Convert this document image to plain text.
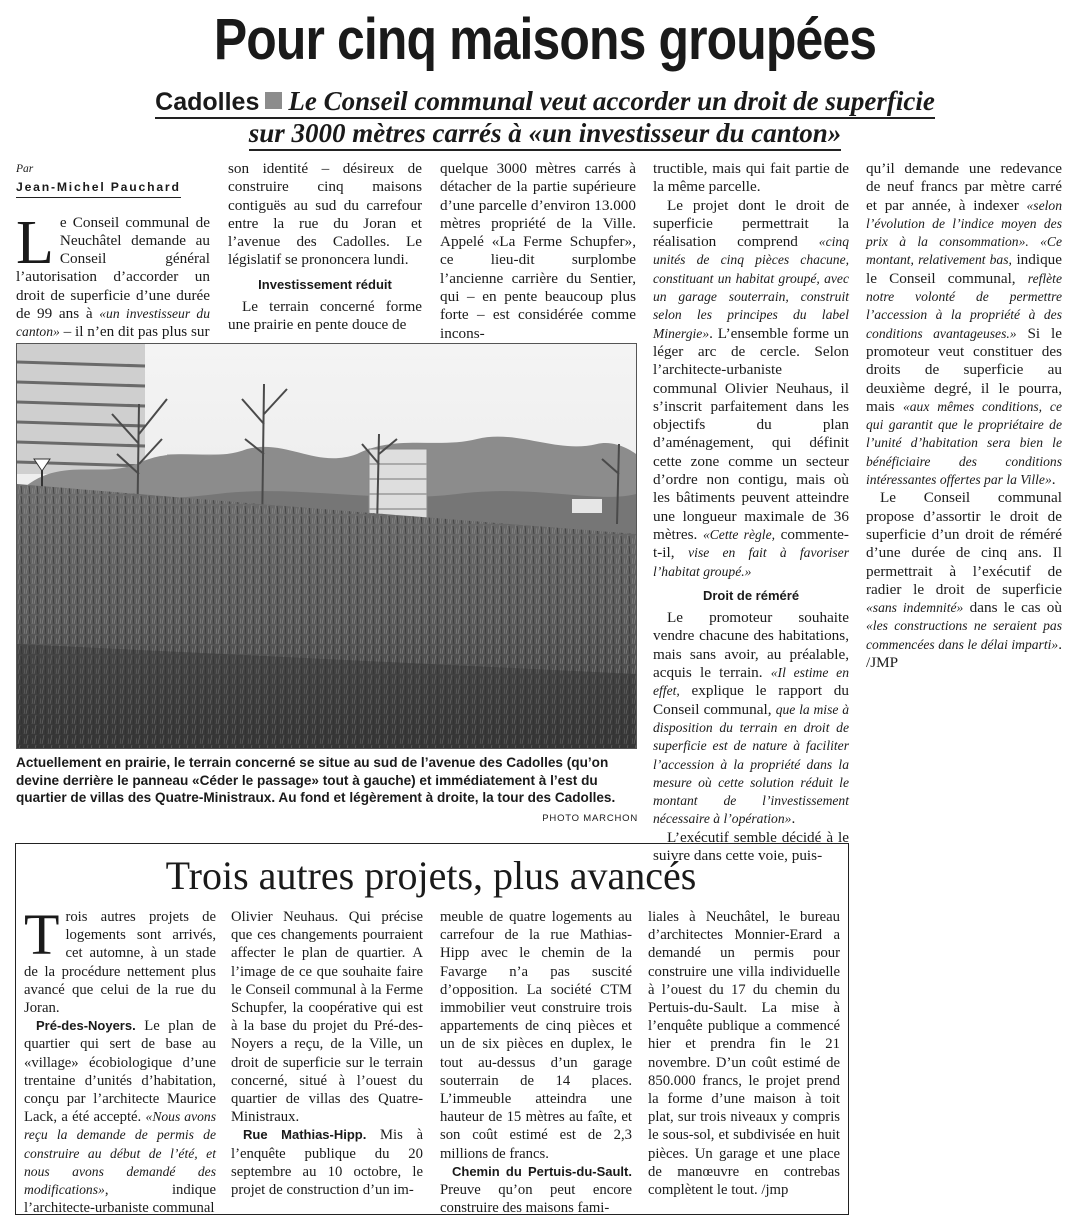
Pour cinq maisons groupées
Cadolles Le Conseil communal veut accorder un droit de superficie
sur 3000 mètres carrés à «un investisseur du canton»
Par
Jean-Michel Pauchard

Le Conseil communal de Neuchâtel demande au Conseil général l’autorisation d’accorder un droit de superficie d’une durée de 99 ans à «un investisseur du canton» – il n’en dit pas plus sur

son identité – désireux de construire cinq maisons contiguës au sud du carrefour entre la rue du Joran et l’avenue des Cadolles. Le législatif se prononcera lundi.

Investissement réduit

Le terrain concerné forme une prairie en pente douce de

quelque 3000 mètres carrés à détacher de la partie supérieure d’une parcelle d’environ 13.000 mètres propriété de la Ville. Appelé «La Ferme Schupfer», ce lieu-dit surplombe l’ancienne carrière du Sentier, qui – en pente beaucoup plus forte – est considérée comme incons-

tructible, mais qui fait partie de la même parcelle.

Le projet dont le droit de superficie permettrait la réalisation comprend «cinq unités de cinq pièces chacune, constituant un habitat groupé, avec un garage souterrain, construit selon les principes du label Minergie». L’ensemble forme un léger arc de cercle. Selon l’architecte-urbaniste communal Olivier Neuhaus, il s’inscrit parfaitement dans les objectifs du plan d’aménagement, qui définit cette zone comme un secteur d’ordre non contigu, mais où les bâtiments peuvent atteindre une longueur maximale de 36 mètres. «Cette règle, commente-t-il, vise en fait à favoriser l’habitat groupé.»

Droit de réméré

Le promoteur souhaite vendre chacune des habitations, mais sans avoir, au préalable, acquis le terrain. «Il estime en effet, explique le rapport du Conseil communal, que la mise à disposition du terrain en droit de superficie est de nature à faciliter l’accession à la propriété dans la mesure où cette solution réduit le montant de l’investissement nécessaire à l’opération».

L’exécutif semble décidé à le suivre dans cette voie, puis-

qu’il demande une redevance de neuf francs par mètre carré et par année, à indexer «selon l’évolution de l’indice moyen des prix à la consommation». «Ce montant, relativement bas, indique le Conseil communal, reflète notre volonté de permettre l’accession à la propriété à des conditions avantageuses.» Si le promoteur veut constituer des droits de superficie au deuxième degré, il le pourra, mais «aux mêmes conditions, ce qui garantit que le propriétaire de l’unité d’habitation sera bien le bénéficiaire des conditions intéressantes offertes par la Ville».

Le Conseil communal propose d’assortir le droit de superficie d’un droit de réméré d’une durée de cinq ans. Il permettrait à l’exécutif de radier le droit de superficie «sans indemnité» dans le cas où «les constructions ne seraient pas commencées dans le délai imparti». /JMP

Actuellement en prairie, le terrain concerné se situe au sud de l’avenue des Cadolles (qu’on devine derrière le panneau «Céder le passage» tout à gauche) et immédiatement à l’est du quartier de villas des Quatre-Ministraux. Au fond et légèrement à droite, la tour des Cadolles.
PHOTO MARCHON
Trois autres projets, plus avancés

Trois autres projets de logements sont arrivés, cet automne, à un stade de la procédure nettement plus avancé que celui de la rue du Joran.

Pré-des-Noyers. Le plan de quartier qui sert de base au «village» écobiologique d’une trentaine d’unités d’habitation, conçu par l’architecte Maurice Lack, a été accepté. «Nous avons reçu la demande de permis de construire au début de l’été, et nous avons demandé des modifications», indique l’architecte-urbaniste communal

Olivier Neuhaus. Qui précise que ces changements pourraient affecter le plan de quartier. A l’image de ce que souhaite faire le Conseil communal à la Ferme Schupfer, la coopérative qui est à la base du projet du Pré-des-Noyers a reçu, de la Ville, un droit de superficie sur le terrain concerné, situé à l’ouest du quartier de villas des Quatre-Ministraux.

Rue Mathias-Hipp. Mis à l’enquête publique du 20 septembre au 10 octobre, le projet de construction d’un im-

meuble de quatre logements au carrefour de la rue Mathias-Hipp avec le chemin de la Favarge n’a pas suscité d’opposition. La société CTM immobilier veut construire trois appartements de cinq pièces et un de six pièces en duplex, le tout au-dessus d’un garage souterrain de 14 places. L’immeuble atteindra une hauteur de 15 mètres au faîte, et son coût estimé est de 2,3 millions de francs.

Chemin du Pertuis-du-Sault. Preuve qu’on peut encore construire des maisons fami-

liales à Neuchâtel, le bureau d’architectes Monnier-Erard a demandé un permis pour construire une villa individuelle à l’ouest du 17 du chemin du Pertuis-du-Sault. La mise à l’enquête publique a commencé hier et prendra fin le 21 novembre. D’un coût estimé de 850.000 francs, le projet prend la forme d’une maison à toit plat, sur trois niveaux y compris le sous-sol, et subdivisée en huit pièces. Un garage et une place de manœuvre en contrebas complètent le tout. /jmp
